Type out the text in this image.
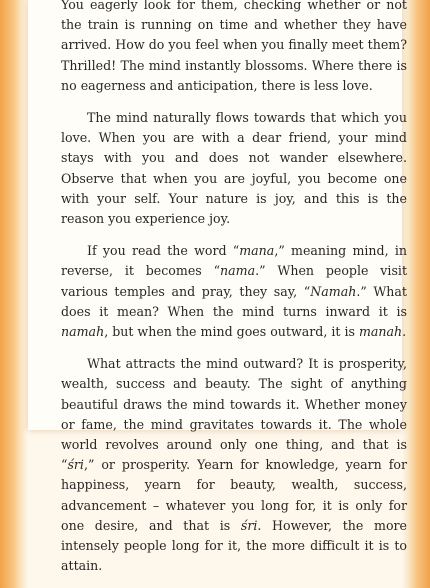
You eagerly look for them, checking whether or not the train is running on time and whether they have arrived. How do you feel when you finally meet them? Thrilled! The mind instantly blossoms. Where there is no eagerness and anticipation, there is less love.

The mind naturally flows towards that which you love. When you are with a dear friend, your mind stays with you and does not wander elsewhere. Observe that when you are joyful, you become one with your self. Your nature is joy, and this is the reason you experience joy.

If you read the word “mana,” meaning mind, in reverse, it becomes “nama.” When people visit various temples and pray, they say, “Namah.” What does it mean? When the mind turns inward it is namah, but when the mind goes outward, it is manah.

What attracts the mind outward? It is prosperity, wealth, success and beauty. The sight of anything beautiful draws the mind towards it. Whether money or fame, the mind gravitates towards it. The whole world revolves around only one thing, and that is “śri,” or prosperity. Yearn for knowledge, yearn for happiness, yearn for beauty, wealth, success, advancement – whatever you long for, it is only for one desire, and that is śri. However, the more intensely people long for it, the more difficult it is to attain.
